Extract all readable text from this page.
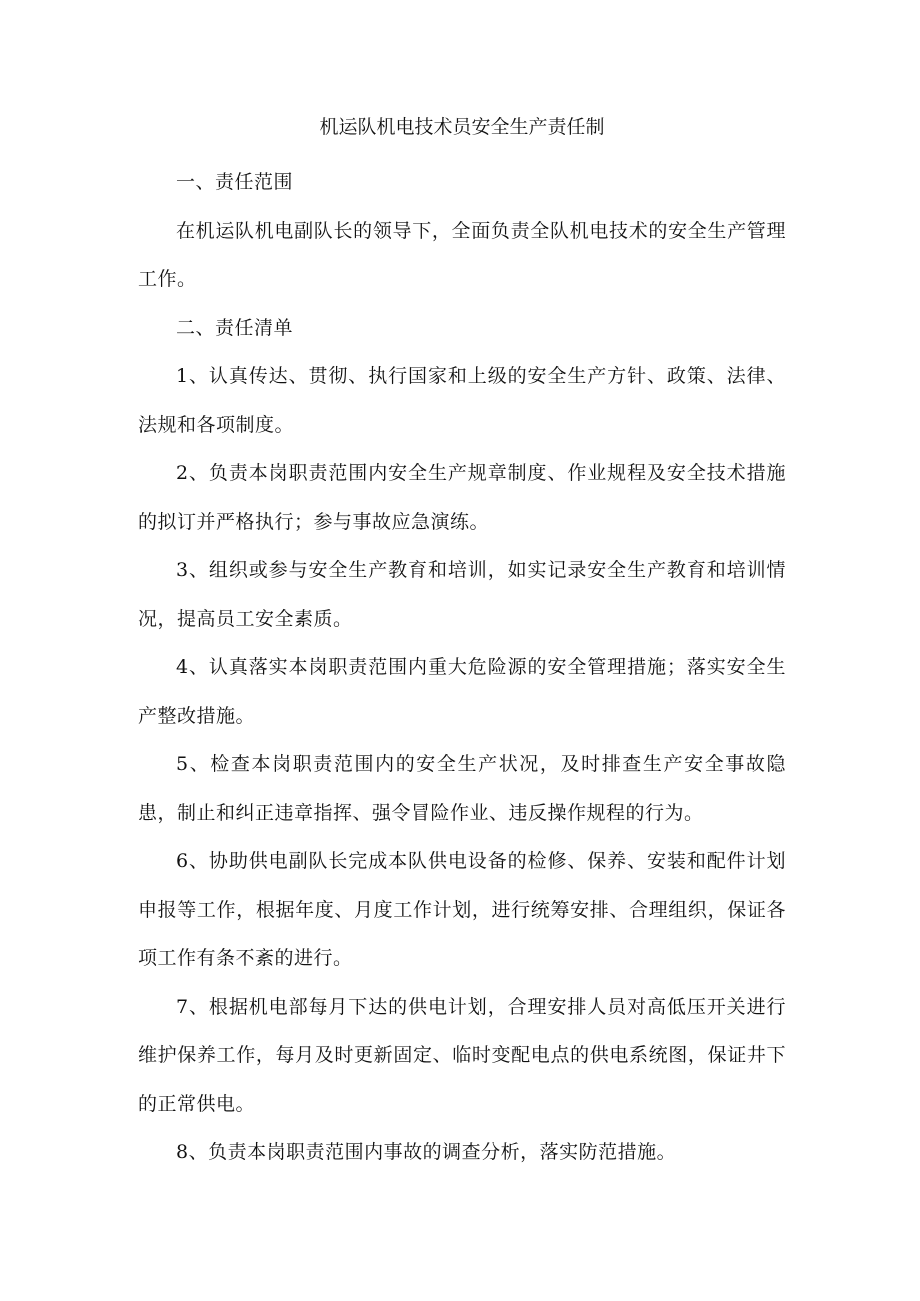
机运队机电技术员安全生产责任制

一、责任范围

在机运队机电副队长的领导下，全面负责全队机电技术的安全生产管理工作。

二、责任清单

1、认真传达、贯彻、执行国家和上级的安全生产方针、政策、法律、法规和各项制度。

2、负责本岗职责范围内安全生产规章制度、作业规程及安全技术措施的拟订并严格执行；参与事故应急演练。

3、组织或参与安全生产教育和培训，如实记录安全生产教育和培训情况，提高员工安全素质。

4、认真落实本岗职责范围内重大危险源的安全管理措施；落实安全生产整改措施。

5、检查本岗职责范围内的安全生产状况，及时排查生产安全事故隐患，制止和纠正违章指挥、强令冒险作业、违反操作规程的行为。

6、协助供电副队长完成本队供电设备的检修、保养、安装和配件计划申报等工作，根据年度、月度工作计划，进行统筹安排、合理组织，保证各项工作有条不紊的进行。

7、根据机电部每月下达的供电计划，合理安排人员对高低压开关进行维护保养工作，每月及时更新固定、临时变配电点的供电系统图，保证井下的正常供电。

8、负责本岗职责范围内事故的调查分析，落实防范措施。
